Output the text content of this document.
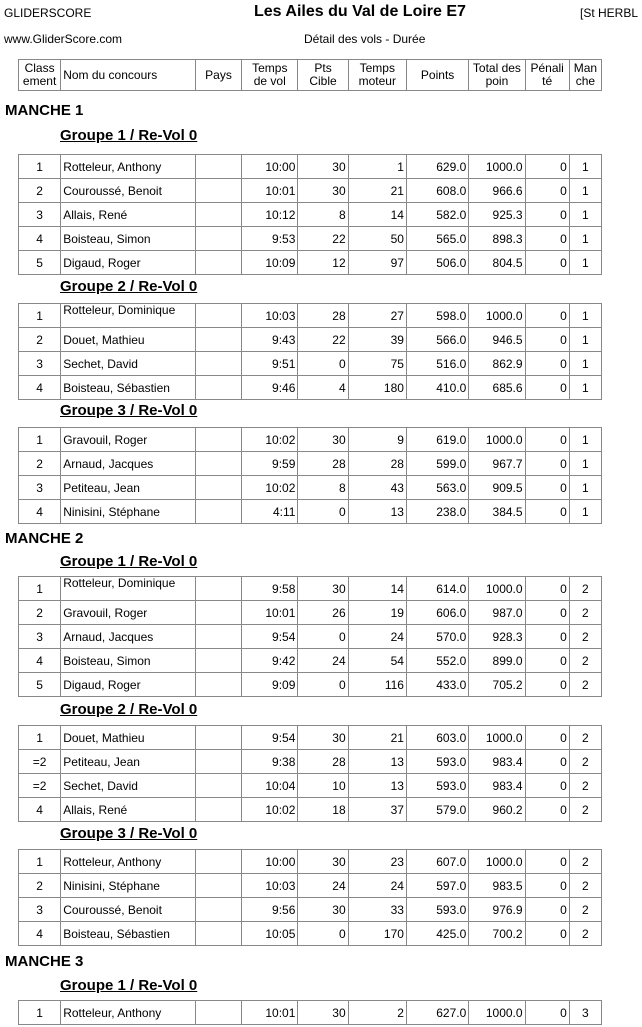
GLIDERSCORE	Les Ailes du Val de Loire E7	[St HERBL
www.GliderScore.com	Détail des vols - Durée
Class ement	Nom du concours	Pays	Temps de vol	Pts Cible	Temps moteur	Points	Total des poin	Pénali té	Man che
MANCHE 1
Groupe 1 / Re-Vol 0
1	Rotteleur, Anthony		10:00	30	1	629.0	1000.0	0	1
2	Couroussé, Benoit		10:01	30	21	608.0	966.6	0	1
3	Allais, René		10:12	8	14	582.0	925.3	0	1
4	Boisteau, Simon		9:53	22	50	565.0	898.3	0	1
5	Digaud, Roger		10:09	12	97	506.0	804.5	0	1
Groupe 2 / Re-Vol 0
1	Rotteleur, Dominique		10:03	28	27	598.0	1000.0	0	1
2	Douet, Mathieu		9:43	22	39	566.0	946.5	0	1
3	Sechet, David		9:51	0	75	516.0	862.9	0	1
4	Boisteau, Sébastien		9:46	4	180	410.0	685.6	0	1
Groupe 3 / Re-Vol 0
1	Gravouil, Roger		10:02	30	9	619.0	1000.0	0	1
2	Arnaud, Jacques		9:59	28	28	599.0	967.7	0	1
3	Petiteau, Jean		10:02	8	43	563.0	909.5	0	1
4	Ninisini, Stéphane		4:11	0	13	238.0	384.5	0	1
MANCHE 2
Groupe 1 / Re-Vol 0
1	Rotteleur, Dominique		9:58	30	14	614.0	1000.0	0	2
2	Gravouil, Roger		10:01	26	19	606.0	987.0	0	2
3	Arnaud, Jacques		9:54	0	24	570.0	928.3	0	2
4	Boisteau, Simon		9:42	24	54	552.0	899.0	0	2
5	Digaud, Roger		9:09	0	116	433.0	705.2	0	2
Groupe 2 / Re-Vol 0
1	Douet, Mathieu		9:54	30	21	603.0	1000.0	0	2
=2	Petiteau, Jean		9:38	28	13	593.0	983.4	0	2
=2	Sechet, David		10:04	10	13	593.0	983.4	0	2
4	Allais, René		10:02	18	37	579.0	960.2	0	2
Groupe 3 / Re-Vol 0
1	Rotteleur, Anthony		10:00	30	23	607.0	1000.0	0	2
2	Ninisini, Stéphane		10:03	24	24	597.0	983.5	0	2
3	Couroussé, Benoit		9:56	30	33	593.0	976.9	0	2
4	Boisteau, Sébastien		10:05	0	170	425.0	700.2	0	2
MANCHE 3
Groupe 1 / Re-Vol 0
1	Rotteleur, Anthony		10:01	30	2	627.0	1000.0	0	3
